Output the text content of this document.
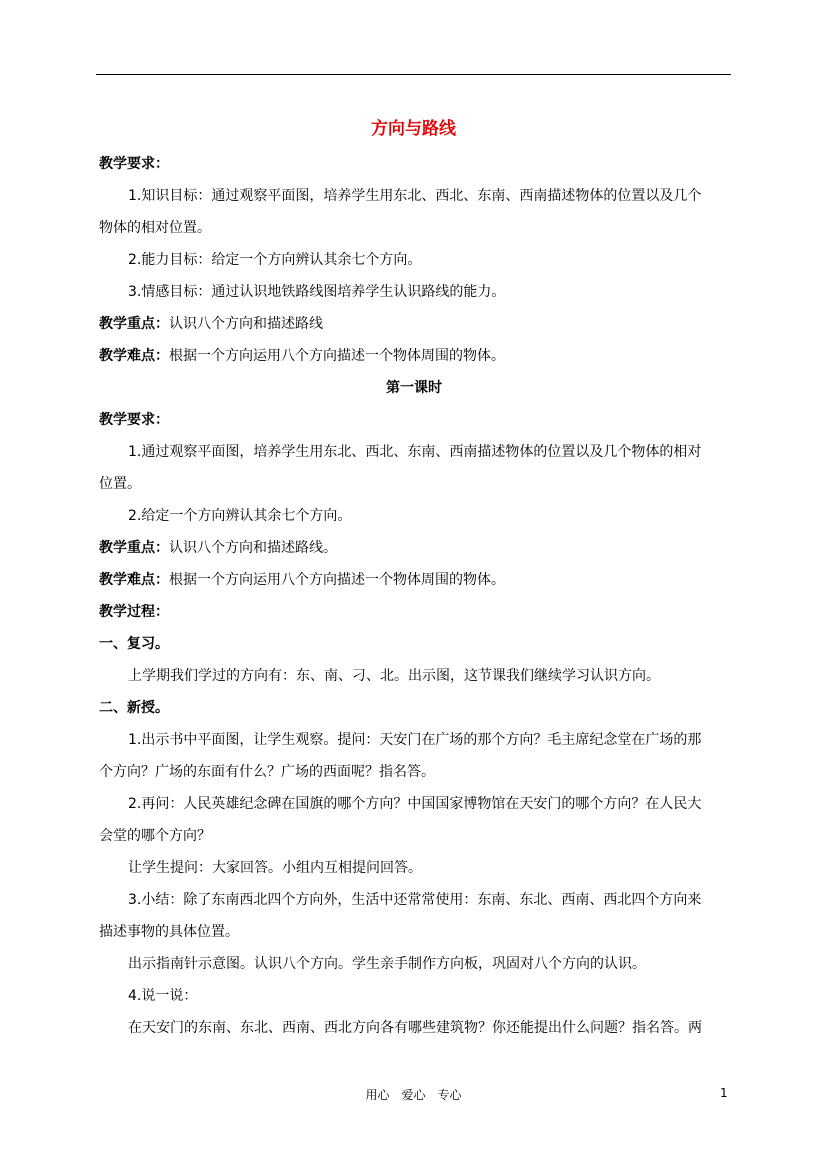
方向与路线
教学要求：
1.知识目标：通过观察平面图，培养学生用东北、西北、东南、西南描述物体的位置以及几个
物体的相对位置。
2.能力目标：给定一个方向辨认其余七个方向。
3.情感目标：通过认识地铁路线图培养学生认识路线的能力。
教学重点：认识八个方向和描述路线
教学难点：根据一个方向运用八个方向描述一个物体周围的物体。
第一课时
教学要求：
1.通过观察平面图，培养学生用东北、西北、东南、西南描述物体的位置以及几个物体的相对
位置。
2.给定一个方向辨认其余七个方向。
教学重点：认识八个方向和描述路线。
教学难点：根据一个方向运用八个方向描述一个物体周围的物体。
教学过程：
一、复习。
上学期我们学过的方向有：东、南、刁、北。出示图，这节课我们继续学习认识方向。
二、新授。
1.出示书中平面图，让学生观察。提问：天安门在广场的那个方向？毛主席纪念堂在广场的那
个方向？广场的东面有什么？广场的西面呢？指名答。
2.再问：人民英雄纪念碑在国旗的哪个方向？中国国家博物馆在天安门的哪个方向？在人民大
会堂的哪个方向？
让学生提问：大家回答。小组内互相提问回答。
3.小结：除了东南西北四个方向外，生活中还常常使用：东南、东北、西南、西北四个方向来
描述事物的具体位置。
出示指南针示意图。认识八个方向。学生亲手制作方向板，巩固对八个方向的认识。
4.说一说：
在天安门的东南、东北、西南、西北方向各有哪些建筑物？你还能提出什么问题？指名答。两
用心　爱心　专心	1
